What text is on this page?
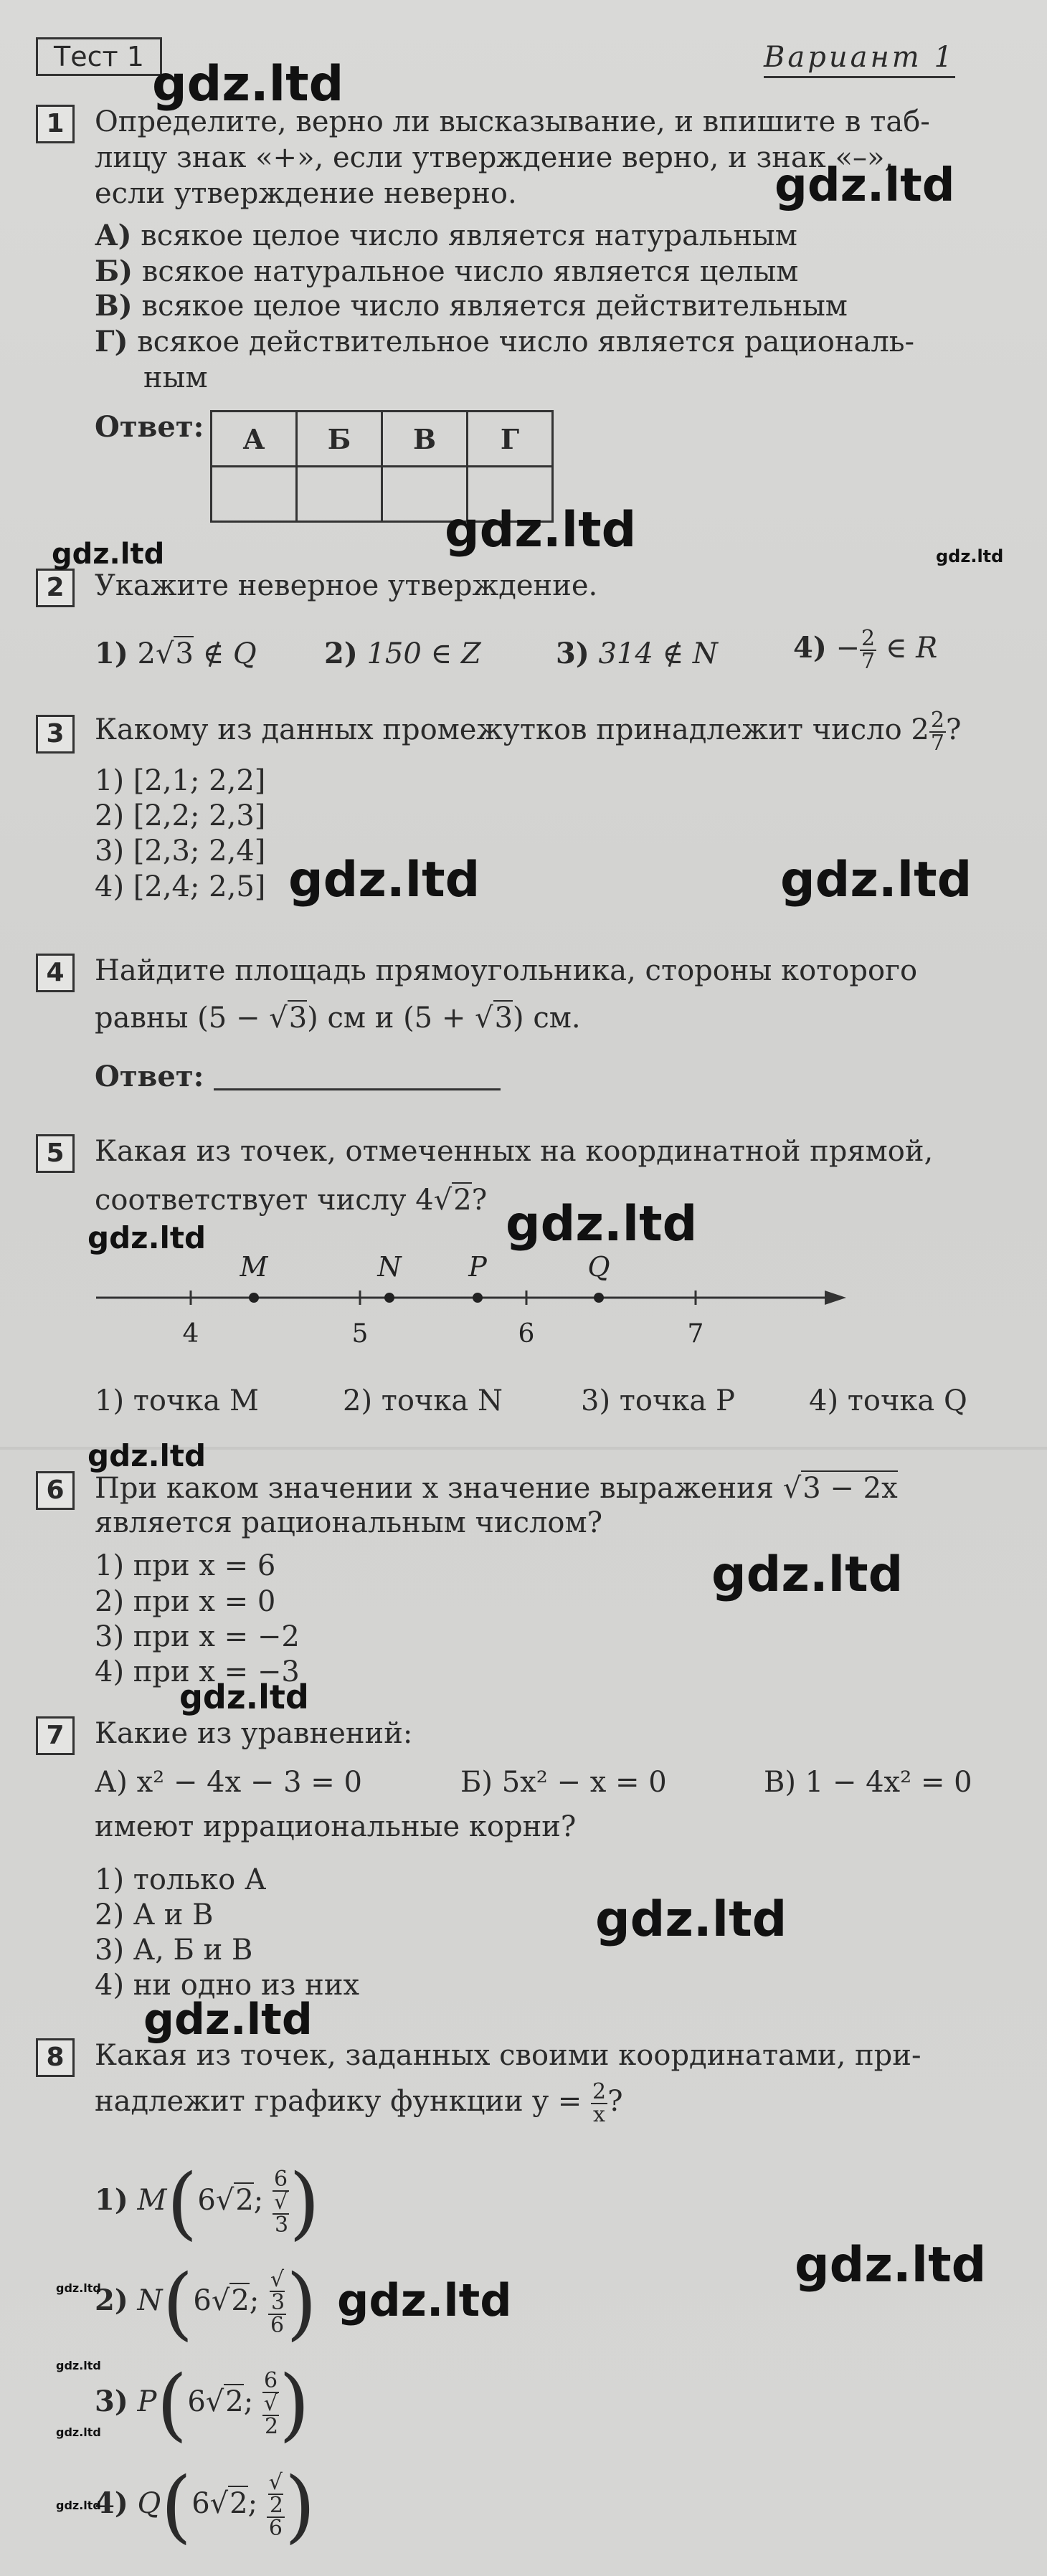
Тест 1	Вариант 1
1	Определите, верно ли высказывание, и впишите в таб-
лицу знак «+», если утверждение верно, и знак «–»,
если утверждение неверно.
А) всякое целое число является натуральным
Б) всякое натуральное число является целым
В) всякое целое число является действительным
Г) всякое действительное число является рациональ-
ным
Ответ: А	Б	В	Г

2	Укажите неверное утверждение.
1) 2√3 ∉ Q 2) 150 ∈ Z	3) 314 ∉ N	$4) - \frac{2}{7}$ ∈ R
3	Какому из данных промежутков принадлежит число $2 \frac{2}{7}$ ?
1) [2,1; 2,2]
2) [2,2; 2,3]
3) [2,3; 2,4]
4) [2,4; 2,5]
4	Найдите площадь прямоугольника, стороны которого
равны (5 − √3) см и (5 + √3) см.
Ответ:
5	Какая из точек, отмеченных на координатной прямой,
соответствует числу 4√2?
M	N P	Q
4	5	6	7
1) точка M	2) точка N	3) точка P	4) точка Q
6	При каком значении x значение выражения √3 − 2x
является рациональным числом?
1) при x = 6
2) при x = 0
3) при x = −2
4) при x = −3
7	Какие из уравнений:
А) x² − 4x − 3 = 0	Б) 5x² − x = 0	В) 1 − 4x² = 0
имеют иррациональные корни?
1) только А
2) А и В
3) А, Б и В
4) ни одно из них
8	Какая из точек, заданных своими координатами, при-
надлежит графику функции $y = \frac{2}{x}$ ?
1) M(6√2; 6
√
3 )
2) N(6√2; √
3
6 )
3) P(6√2; 6
√
2 )
4) Q(6√2; √
2
6 )
gdz.ltd
gdz.ltd
gdz.ltd	gdz.ltd	gdz.ltd
gdz.ltd	gdz.ltd
gdz.ltd	gdz.ltd
gdz.ltd
gdz.ltd
gdz.ltd
gdz.ltd
gdz.ltd
gdz.ltd
gdz.ltd	gdz.ltd
gdz.ltd
gdz.ltd
gdz.ltd
